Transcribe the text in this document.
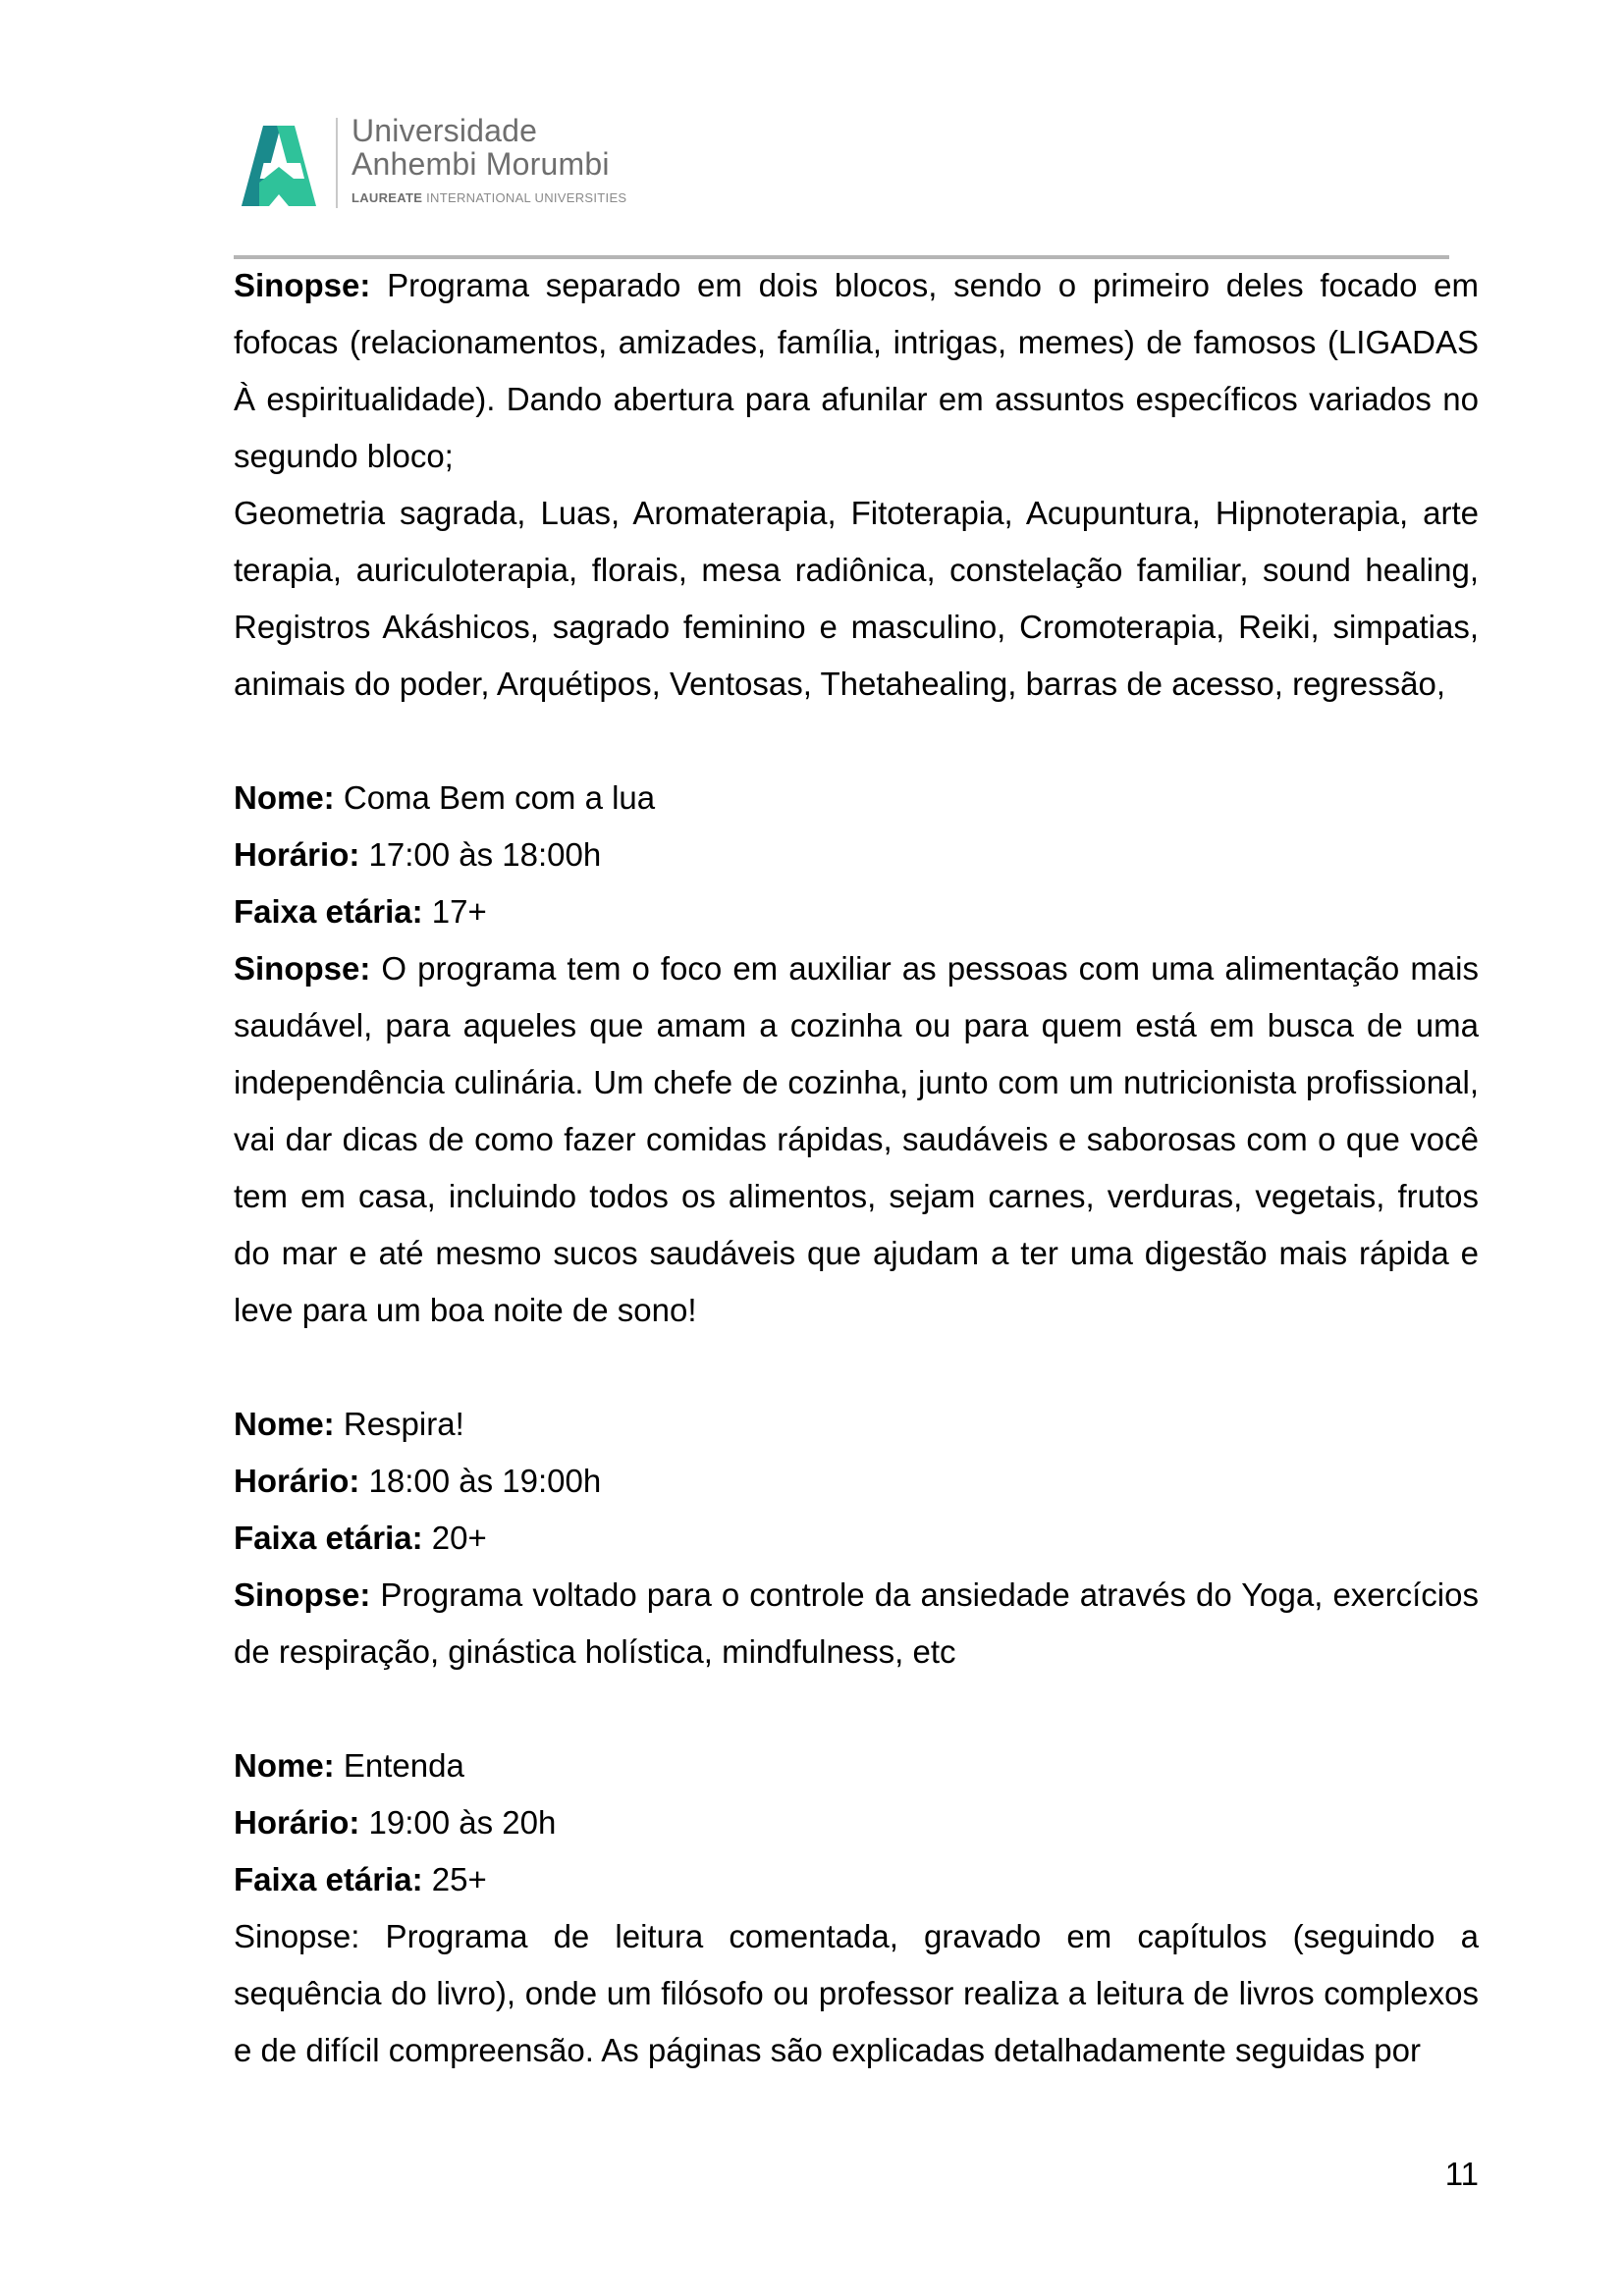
Universidade
Anhembi Morumbi
LAUREATE INTERNATIONAL UNIVERSITIES

Sinopse: Programa separado em dois blocos, sendo o primeiro deles focado em fofocas (relacionamentos, amizades, família, intrigas, memes) de famosos (LIGADAS À espiritualidade). Dando abertura para afunilar em assuntos específicos variados no segundo bloco;

Geometria sagrada, Luas, Aromaterapia, Fitoterapia, Acupuntura, Hipnoterapia, arte terapia, auriculoterapia, florais, mesa radiônica, constelação familiar, sound healing, Registros Akáshicos, sagrado feminino e masculino, Cromoterapia, Reiki, simpatias, animais do poder, Arquétipos, Ventosas, Thetahealing, barras de acesso, regressão,

Nome: Coma Bem com a lua

Horário: 17:00 às 18:00h

Faixa etária: 17+

Sinopse: O programa tem o foco em auxiliar as pessoas com uma alimentação mais saudável, para aqueles que amam a cozinha ou para quem está em busca de uma independência culinária. Um chefe de cozinha, junto com um nutricionista profissional, vai dar dicas de como fazer comidas rápidas, saudáveis e saborosas com o que você tem em casa, incluindo todos os alimentos, sejam carnes, verduras, vegetais, frutos do mar e até mesmo sucos saudáveis que ajudam a ter uma digestão mais rápida e leve para um boa noite de sono!

Nome: Respira!

Horário: 18:00 às 19:00h

Faixa etária: 20+

Sinopse: Programa voltado para o controle da ansiedade através do Yoga, exercícios de respiração, ginástica holística, mindfulness, etc

Nome: Entenda

Horário: 19:00 às 20h

Faixa etária: 25+

Sinopse: Programa de leitura comentada, gravado em capítulos (seguindo a sequência do livro), onde um filósofo ou professor realiza a leitura de livros complexos e de difícil compreensão. As páginas são explicadas detalhadamente seguidas por

11
